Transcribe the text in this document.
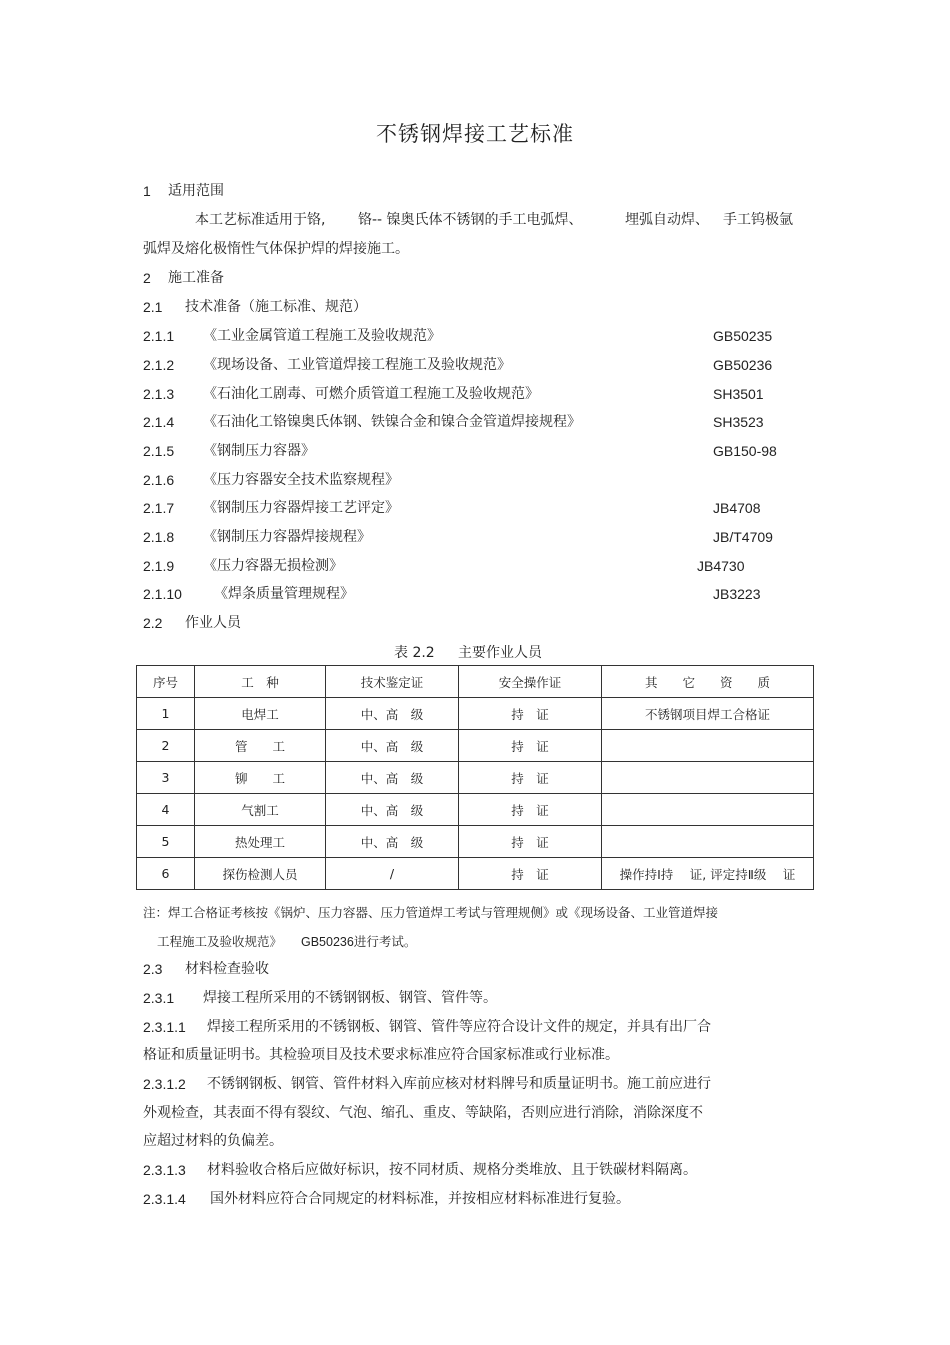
不锈钢焊接工艺标准
1 适用范围
本工艺标准适用于铬, 铬-- 镍奥氏体不锈钢的手工电弧焊、	埋弧自动焊、 手工钨极氩
弧焊及熔化极惰性气体保护焊的焊接施工。
2 施工准备
2.1 技术准备（施工标准、规范）
2.1.1 《工业金属管道工程施工及验收规范》	GB50235
2.1.2 《现场设备、工业管道焊接工程施工及验收规范》	GB50236
2.1.3 《石油化工剧毒、可燃介质管道工程施工及验收规范》	SH3501
2.1.4 《石油化工铬镍奥氏体钢、铁镍合金和镍合金管道焊接规程》	SH3523
2.1.5 《钢制压力容器》	GB150-98
2.1.6 《压力容器安全技术监察规程》
2.1.7 《钢制压力容器焊接工艺评定》	JB4708
2.1.8 《钢制压力容器焊接规程》	JB/T4709
2.1.9 《压力容器无损检测》	JB4730
2.1.10 《焊条质量管理规程》	JB3223
2.2 作业人员
表 2.2 主要作业人员
序号	工　种	技术鉴定证	安全操作证	其　　它　　资　　质
1	电焊工	中、高　级	持　证	不锈钢项目焊工合格证
2	管　　工	中、高　级	持　证	
3	铆　　工	中、高　级	持　证	
4	气割工	中、高　级	持　证	
5	热处理工	中、高　级	持　证	
6	探伤检测人员	/	持　证	操作持Ⅰ持　 证, 评定持Ⅱ级　 证
注：焊工合格证考核按《锅炉、压力容器、压力管道焊工考试与管理规侧》或《现场设备、工业管道焊接
工程施工及验收规范》 GB50236进行考试。
2.3 材料检查验收
2.3.1 焊接工程所采用的不锈钢钢板、钢管、管件等。
2.3.1.1 焊接工程所采用的不锈钢板、钢管、管件等应符合设计文件的规定，并具有出厂合
格证和质量证明书。其检验项目及技术要求标准应符合国家标准或行业标准。
2.3.1.2 不锈钢钢板、钢管、管件材料入库前应核对材料牌号和质量证明书。施工前应进行
外观检查，其表面不得有裂纹、气泡、缩孔、重皮、等缺陷，否则应进行消除，消除深度不
应超过材料的负偏差。
2.3.1.3 材料验收合格后应做好标识，按不同材质、规格分类堆放、且于铁碳材料隔离。
2.3.1.4 国外材料应符合合同规定的材料标准，并按相应材料标准进行复验。
